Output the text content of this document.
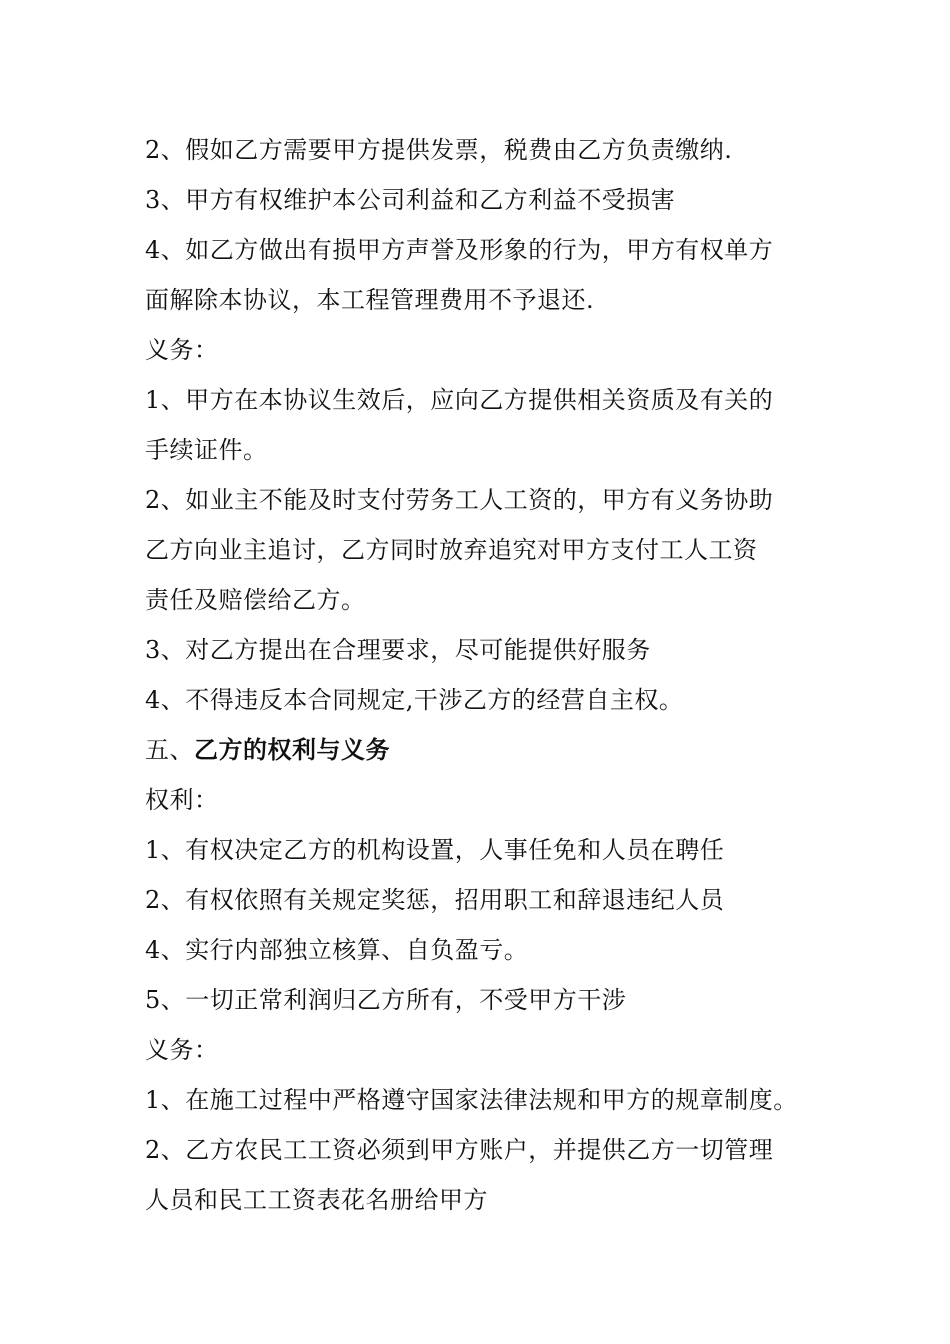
2、假如乙方需要甲方提供发票，税费由乙方负责缴纳.
3、甲方有权维护本公司利益和乙方利益不受损害
4、如乙方做出有损甲方声誉及形象的行为，甲方有权单方
面解除本协议，本工程管理费用不予退还.
义务：
1、甲方在本协议生效后，应向乙方提供相关资质及有关的
手续证件。
2、如业主不能及时支付劳务工人工资的，甲方有义务协助
乙方向业主追讨，乙方同时放弃追究对甲方支付工人工资
责任及赔偿给乙方。
3、对乙方提出在合理要求，尽可能提供好服务
4、不得违反本合同规定,干涉乙方的经营自主权。
五、乙方的权利与义务
权利：
1、有权决定乙方的机构设置，人事任免和人员在聘任
2、有权依照有关规定奖惩，招用职工和辞退违纪人员
4、实行内部独立核算、自负盈亏。
5、一切正常利润归乙方所有，不受甲方干涉
义务：
1、在施工过程中严格遵守国家法律法规和甲方的规章制度。
2、乙方农民工工资必须到甲方账户，并提供乙方一切管理
人员和民工工资表花名册给甲方
